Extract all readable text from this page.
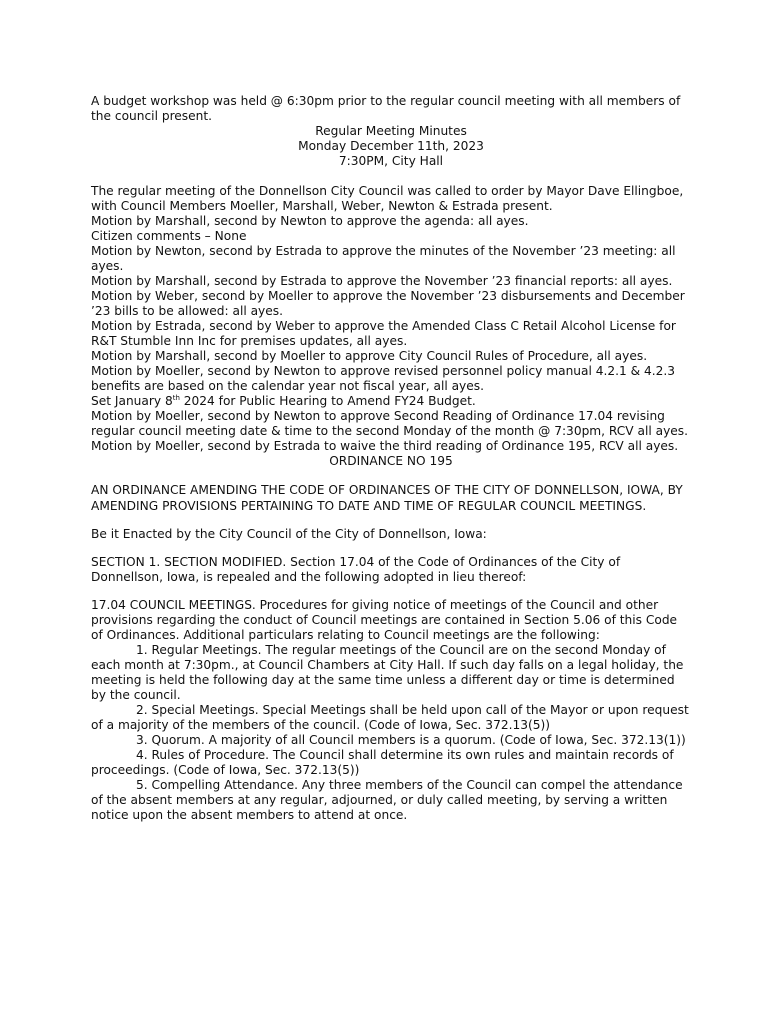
A budget workshop was held @ 6:30pm prior to the regular council meeting with all members of the council present.
Regular Meeting Minutes
Monday December 11th, 2023
7:30PM, City Hall
The regular meeting of the Donnellson City Council was called to order by Mayor Dave Ellingboe, with Council Members Moeller, Marshall, Weber, Newton & Estrada present.
Motion by Marshall, second by Newton to approve the agenda: all ayes.
Citizen comments – None
Motion by Newton, second by Estrada to approve the minutes of the November ’23 meeting: all ayes.
Motion by Marshall, second by Estrada to approve the November ’23 financial reports: all ayes.
Motion by Weber, second by Moeller to approve the November ’23 disbursements and December ’23 bills to be allowed: all ayes.
Motion by Estrada, second by Weber to approve the Amended Class C Retail Alcohol License for R&T Stumble Inn Inc for premises updates, all ayes.
Motion by Marshall, second by Moeller to approve City Council Rules of Procedure, all ayes.
Motion by Moeller, second by Newton to approve revised personnel policy manual 4.2.1 & 4.2.3 benefits are based on the calendar year not fiscal year, all ayes.
Set January 8th 2024 for Public Hearing to Amend FY24 Budget.
Motion by Moeller, second by Newton to approve Second Reading of Ordinance 17.04 revising regular council meeting date & time to the second Monday of the month @ 7:30pm, RCV all ayes.
Motion by Moeller, second by Estrada to waive the third reading of Ordinance 195, RCV all ayes.
ORDINANCE NO 195
AN ORDINANCE AMENDING THE CODE OF ORDINANCES OF THE CITY OF DONNELLSON, IOWA, BY AMENDING PROVISIONS PERTAINING TO DATE AND TIME OF REGULAR COUNCIL MEETINGS.
Be it Enacted by the City Council of the City of Donnellson, Iowa:
SECTION 1. SECTION MODIFIED. Section 17.04 of the Code of Ordinances of the City of Donnellson, Iowa, is repealed and the following adopted in lieu thereof:
17.04 COUNCIL MEETINGS. Procedures for giving notice of meetings of the Council and other provisions regarding the conduct of Council meetings are contained in Section 5.06 of this Code of Ordinances. Additional particulars relating to Council meetings are the following:
1. Regular Meetings. The regular meetings of the Council are on the second Monday of each month at 7:30pm., at Council Chambers at City Hall. If such day falls on a legal holiday, the meeting is held the following day at the same time unless a different day or time is determined by the council.
2. Special Meetings. Special Meetings shall be held upon call of the Mayor or upon request of a majority of the members of the council. (Code of Iowa, Sec. 372.13(5))
3. Quorum. A majority of all Council members is a quorum. (Code of Iowa, Sec. 372.13(1))
4. Rules of Procedure. The Council shall determine its own rules and maintain records of proceedings. (Code of Iowa, Sec. 372.13(5))
5. Compelling Attendance. Any three members of the Council can compel the attendance of the absent members at any regular, adjourned, or duly called meeting, by serving a written notice upon the absent members to attend at once.
